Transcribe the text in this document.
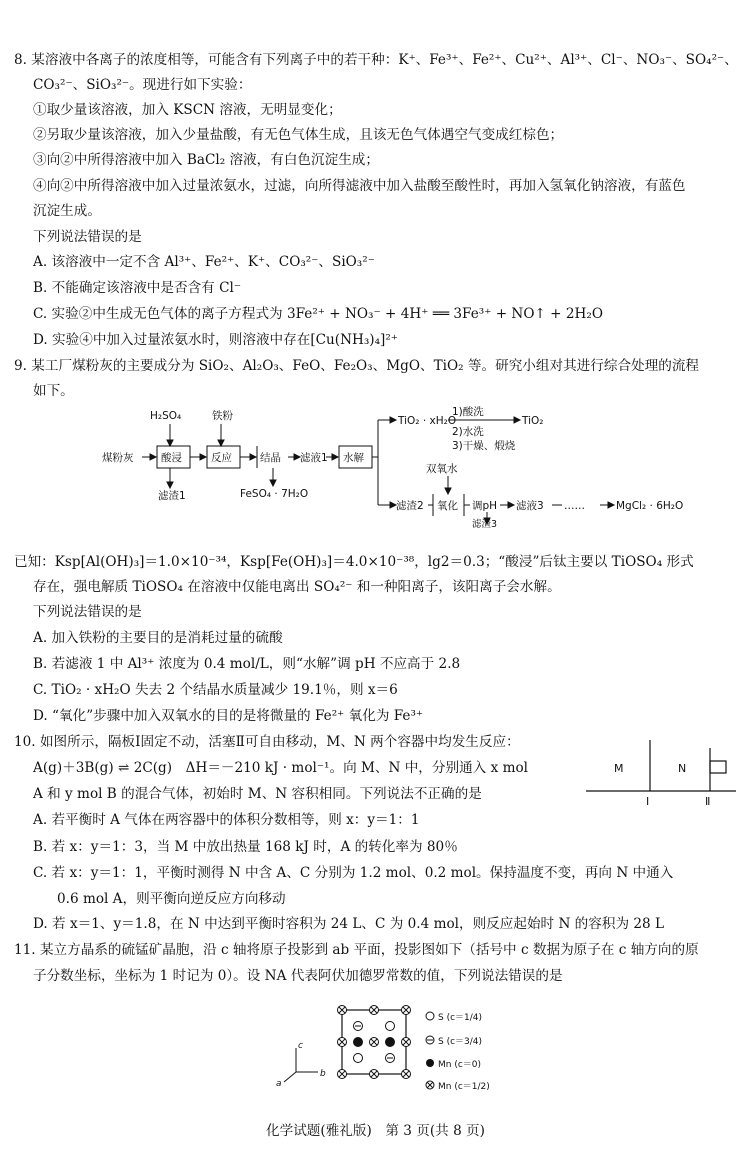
8. 某溶液中各离子的浓度相等，可能含有下列离子中的若干种：K⁺、Fe³⁺、Fe²⁺、Cu²⁺、Al³⁺、Cl⁻、NO₃⁻、SO₄²⁻、
CO₃²⁻、SiO₃²⁻。现进行如下实验：
①取少量该溶液，加入 KSCN 溶液，无明显变化；
②另取少量该溶液，加入少量盐酸，有无色气体生成，且该无色气体遇空气变成红棕色；
③向②中所得溶液中加入 BaCl₂ 溶液，有白色沉淀生成；
④向②中所得溶液中加入过量浓氨水，过滤，向所得滤液中加入盐酸至酸性时，再加入氢氧化钠溶液，有蓝色
沉淀生成。
下列说法错误的是
A. 该溶液中一定不含 Al³⁺、Fe²⁺、K⁺、CO₃²⁻、SiO₃²⁻
B. 不能确定该溶液中是否含有 Cl⁻
C. 实验②中生成无色气体的离子方程式为 3Fe²⁺ + NO₃⁻ + 4H⁺ ══ 3Fe³⁺ + NO↑ + 2H₂O
D. 实验④中加入过量浓氨水时，则溶液中存在[Cu(NH₃)₄]²⁺
9. 某工厂煤粉灰的主要成分为 SiO₂、Al₂O₃、FeO、Fe₂O₃、MgO、TiO₂ 等。研究小组对其进行综合处理的流程
如下。
H₂SO₄	铁粉
煤粉灰	酸浸	反应	结晶 滤液1 水解
滤渣1	FeSO₄ · 7H₂O
TiO₂ · xH₂O
1)酸洗
2)水洗
3)干燥、煅烧
TiO₂
双氧水
滤渣2 氧化 调pH 滤液3 ……	MgCl₂ · 6H₂O
滤渣3
已知：Ksp[Al(OH)₃]＝1.0×10⁻³⁴，Ksp[Fe(OH)₃]＝4.0×10⁻³⁸，lg2＝0.3；“酸浸”后钛主要以 TiOSO₄ 形式
存在，强电解质 TiOSO₄ 在溶液中仅能电离出 SO₄²⁻ 和一种阳离子，该阳离子会水解。
下列说法错误的是
A. 加入铁粉的主要目的是消耗过量的硫酸
B. 若滤液 1 中 Al³⁺ 浓度为 0.4 mol/L，则“水解”调 pH 不应高于 2.8
C. TiO₂ · xH₂O 失去 2 个结晶水质量减少 19.1％，则 x＝6
D. “氧化”步骤中加入双氧水的目的是将微量的 Fe²⁺ 氧化为 Fe³⁺
10. 如图所示，隔板Ⅰ固定不动，活塞Ⅱ可自由移动，M、N 两个容器中均发生反应：
A(g)＋3B(g) ⇌ 2C(g)　ΔH＝－210 kJ · mol⁻¹。向 M、N 中，分别通入 x mol
A 和 y mol B 的混合气体，初始时 M、N 容积相同。下列说法不正确的是
A. 若平衡时 A 气体在两容器中的体积分数相等，则 x：y＝1：1
B. 若 x：y＝1：3，当 M 中放出热量 168 kJ 时，A 的转化率为 80％
C. 若 x：y＝1：1，平衡时测得 N 中含 A、C 分别为 1.2 mol、0.2 mol。保持温度不变，再向 N 中通入
0.6 mol A，则平衡向逆反应方向移动
D. 若 x＝1、y＝1.8，在 N 中达到平衡时容积为 24 L、C 为 0.4 mol，则反应起始时 N 的容积为 28 L
M	N
Ⅰ	Ⅱ
11. 某立方晶系的硫锰矿晶胞，沿 c 轴将原子投影到 ab 平面，投影图如下（括号中 c 数据为原子在 c 轴方向的原
子分数坐标，坐标为 1 时记为 0）。设 NA 代表阿伏加德罗常数的值，下列说法错误的是
c
b
a
S (c＝1/4)
S (c＝3/4)
Mn (c＝0)
Mn (c＝1/2)
化学试题(雅礼版)　第 3 页(共 8 页)
